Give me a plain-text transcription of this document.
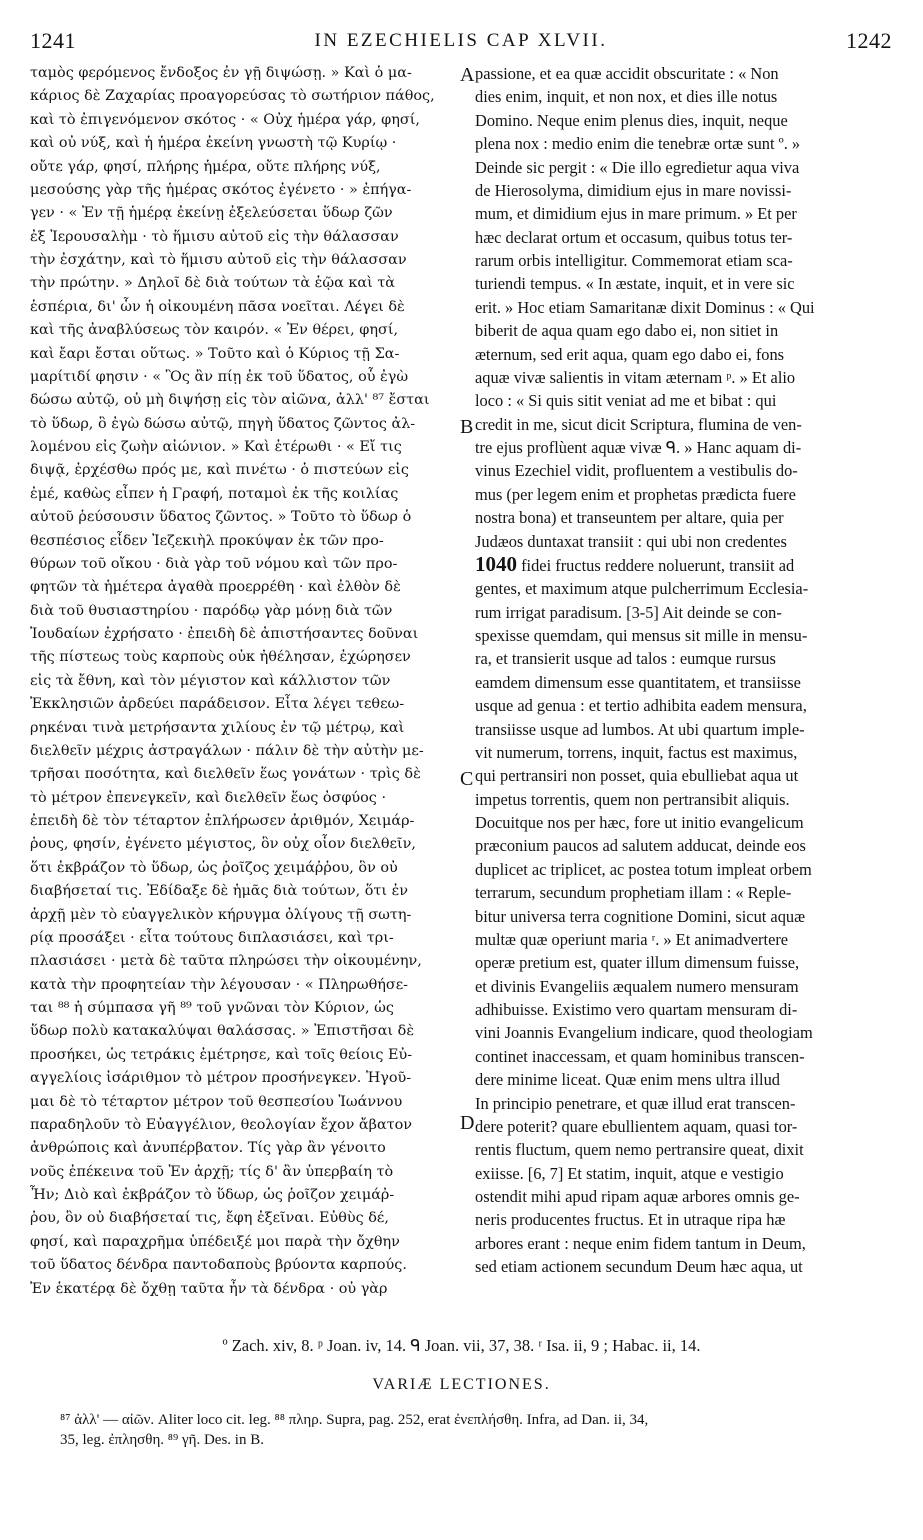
1241	IN EZECHIELIS CAP XLVII.	1242
ταμὸς φερόμενος ἔνδοξος ἐν γῇ διψώσῃ. » Καὶ ὁ μα-
κάριος δὲ Ζαχαρίας προαγορεύσας τὸ σωτήριον πάθος,
καὶ τὸ ἐπιγενόμενον σκότος · « Οὐχ ἡμέρα γάρ, φησί,
καὶ οὐ νύξ, καὶ ἡ ἡμέρα ἐκείνη γνωστὴ τῷ Κυρίῳ ·
οὔτε γάρ, φησί, πλήρης ἡμέρα, οὔτε πλήρης νύξ,
μεσούσης γὰρ τῆς ἡμέρας σκότος ἐγένετο · » ἐπήγα-
γεν · « Ἐν τῇ ἡμέρᾳ ἐκείνῃ ἐξελεύσεται ὕδωρ ζῶν
ἐξ Ἰερουσαλὴμ · τὸ ἥμισυ αὐτοῦ εἰς τὴν θάλασσαν
τὴν ἐσχάτην, καὶ τὸ ἥμισυ αὐτοῦ εἰς τὴν θάλασσαν
τὴν πρώτην. » Δηλοῖ δὲ διὰ τούτων τὰ ἑῷα καὶ τὰ
ἑσπέρια, δι' ὧν ἡ οἰκουμένη πᾶσα νοεῖται. Λέγει δὲ
καὶ τῆς ἀναβλύσεως τὸν καιρόν. « Ἐν θέρει, φησί,
καὶ ἔαρι ἔσται οὕτως. » Τοῦτο καὶ ὁ Κύριος τῇ Σα-
μαρίτιδί φησιν · « Ὃς ἂν πίῃ ἐκ τοῦ ὕδατος, οὗ ἐγὼ
δώσω αὐτῷ, οὐ μὴ διψήσῃ εἰς τὸν αἰῶνα, ἀλλ' ⁸⁷ ἔσται
τὸ ὕδωρ, ὃ ἐγὼ δώσω αὐτῷ, πηγὴ ὕδατος ζῶντος ἀλ-
λομένου εἰς ζωὴν αἰώνιον. » Καὶ ἑτέρωθι · « Εἴ τις
διψᾷ, ἐρχέσθω πρός με, καὶ πινέτω · ὁ πιστεύων εἰς
ἐμέ, καθὼς εἶπεν ἡ Γραφή, ποταμοὶ ἐκ τῆς κοιλίας
αὐτοῦ ῥεύσουσιν ὕδατος ζῶντος. » Τοῦτο τὸ ὕδωρ ὁ
θεσπέσιος εἶδεν Ἰεζεκιὴλ προκύψαν ἐκ τῶν προ-
θύρων τοῦ οἴκου · διὰ γὰρ τοῦ νόμου καὶ τῶν προ-
φητῶν τὰ ἡμέτερα ἀγαθὰ προερρέθη · καὶ ἐλθὸν δὲ
διὰ τοῦ θυσιαστηρίου · παρόδῳ γὰρ μόνῃ διὰ τῶν
Ἰουδαίων ἐχρήσατο · ἐπειδὴ δὲ ἀπιστήσαντες δοῦναι
τῆς πίστεως τοὺς καρποὺς οὐκ ἠθέλησαν, ἐχώρησεν
εἰς τὰ ἔθνη, καὶ τὸν μέγιστον καὶ κάλλιστον τῶν
Ἐκκλησιῶν ἀρδεύει παράδεισον. Εἶτα λέγει τεθεω-
ρηκέναι τινὰ μετρήσαντα χιλίους ἐν τῷ μέτρῳ, καὶ
διελθεῖν μέχρις ἀστραγάλων · πάλιν δὲ τὴν αὐτὴν με-
τρῆσαι ποσότητα, καὶ διελθεῖν ἕως γονάτων · τρὶς δὲ
τὸ μέτρον ἐπενεγκεῖν, καὶ διελθεῖν ἕως ὀσφύος ·
ἐπειδὴ δὲ τὸν τέταρτον ἐπλήρωσεν ἀριθμόν, Χειμάρ-
ῥους, φησίν, ἐγένετο μέγιστος, ὃν οὐχ οἷον διελθεῖν,
ὅτι ἐκβράζον τὸ ὕδωρ, ὡς ῥοῖζος χειμάῤῥου, ὃν οὐ
διαβήσεταί τις. Ἐδίδαξε δὲ ἡμᾶς διὰ τούτων, ὅτι ἐν
ἀρχῇ μὲν τὸ εὐαγγελικὸν κήρυγμα ὀλίγους τῇ σωτη-
ρίᾳ προσάξει · εἶτα τούτους διπλασιάσει, καὶ τρι-
πλασιάσει · μετὰ δὲ ταῦτα πληρώσει τὴν οἰκουμένην,
κατὰ τὴν προφητείαν τὴν λέγουσαν · « Πληρωθήσε-
ται ⁸⁸ ἡ σύμπασα γῆ ⁸⁹ τοῦ γνῶναι τὸν Κύριον, ὡς
ὕδωρ πολὺ κατακαλύψαι θαλάσσας. » Ἐπιστῆσαι δὲ
προσήκει, ὡς τετράκις ἐμέτρησε, καὶ τοῖς θείοις Εὐ-
αγγελίοις ἰσάριθμον τὸ μέτρον προσήνεγκεν. Ἡγοῦ-
μαι δὲ τὸ τέταρτον μέτρον τοῦ θεσπεσίου Ἰωάννου
παραδηλοῦν τὸ Εὐαγγέλιον, θεολογίαν ἔχον ἄβατον
ἀνθρώποις καὶ ἀνυπέρβατον. Τίς γὰρ ἂν γένοιτο
νοῦς ἐπέκεινα τοῦ Ἐν ἀρχῇ; τίς δ' ἂν ὑπερβαίη τὸ
Ἦν; Διὸ καὶ ἐκβράζον τὸ ὕδωρ, ὡς ῥοῖζον χειμάῤ-
ῥου, ὃν οὐ διαβήσεταί τις, ἔφη ἐξεῖναι. Εὐθὺς δέ,
φησί, καὶ παραχρῆμα ὑπέδειξέ μοι παρὰ τὴν ὄχθην
τοῦ ὕδατος δένδρα παντοδαποὺς βρύοντα καρπούς.
Ἐν ἑκατέρᾳ δὲ ὄχθῃ ταῦτα ἦν τὰ δένδρα · οὐ γὰρ
A
B
C
D
passione, et ea quæ accidit obscuritate : « Non
dies enim, inquit, et non nox, et dies ille notus
Domino. Neque enim plenus dies, inquit, neque
plena nox : medio enim die tenebræ ortæ sunt º. »
Deinde sic pergit : « Die illo egredietur aqua viva
de Hierosolyma, dimidium ejus in mare novissi-
mum, et dimidium ejus in mare primum. » Et per
hæc declarat ortum et occasum, quibus totus ter-
rarum orbis intelligitur. Commemorat etiam sca-
turiendi tempus. « In æstate, inquit, et in vere sic
erit. » Hoc etiam Samaritanæ dixit Dominus : « Qui
biberit de aqua quam ego dabo ei, non sitiet in
æternum, sed erit aqua, quam ego dabo ei, fons
aquæ vivæ salientis in vitam æternam ᵖ. » Et alio
loco : « Si quis sitit veniat ad me et bibat : qui
credit in me, sicut dicit Scriptura, flumina de ven-
tre ejus proflùent aquæ vivæ ᑫ. » Hanc aquam di-
vinus Ezechiel vidit, profluentem a vestibulis do-
mus (per legem enim et prophetas prædicta fuere
nostra bona) et transeuntem per altare, quia per
Judæos duntaxat transiit : qui ubi non credentes
1040 fidei fructus reddere noluerunt, transiit ad
gentes, et maximum atque pulcherrimum Ecclesia-
rum irrigat paradisum. [3-5] Ait deinde se con-
spexisse quemdam, qui mensus sit mille in mensu-
ra, et transierit usque ad talos : eumque rursus
eamdem dimensum esse quantitatem, et transiisse
usque ad genua : et tertio adhibita eadem mensura,
transiisse usque ad lumbos. At ubi quartum imple-
vit numerum, torrens, inquit, factus est maximus,
qui pertransiri non posset, quia ebulliebat aqua ut
impetus torrentis, quem non pertransibit aliquis.
Docuitque nos per hæc, fore ut initio evangelicum
præconium paucos ad salutem adducat, deinde eos
duplicet ac triplicet, ac postea totum impleat orbem
terrarum, secundum prophetiam illam : « Reple-
bitur universa terra cognitione Domini, sicut aquæ
multæ quæ operiunt maria ʳ. » Et animadvertere
operæ pretium est, quater illum dimensum fuisse,
et divinis Evangeliis æqualem numero mensuram
adhibuisse. Existimo vero quartam mensuram di-
vini Joannis Evangelium indicare, quod theologiam
continet inaccessam, et quam hominibus transcen-
dere minime liceat. Quæ enim mens ultra illud
In principio penetrare, et quæ illud erat transcen-
dere poterit? quare ebullientem aquam, quasi tor-
rentis fluctum, quem nemo pertransire queat, dixit
exiisse. [6, 7] Et statim, inquit, atque e vestigio
ostendit mihi apud ripam aquæ arbores omnis ge-
neris producentes fructus. Et in utraque ripa hæ
arbores erant : neque enim fidem tantum in Deum,
sed etiam actionem secundum Deum hæc aqua, ut
º Zach. xiv, 8. ᵖ Joan. iv, 14. ᑫ Joan. vii, 37, 38. ʳ Isa. ii, 9 ; Habac. ii, 14.
VARIÆ LECTIONES.
⁸⁷ ἀλλ' — αἰῶν. Aliter loco cit. leg. ⁸⁸ πληρ. Supra, pag. 252, erat ἐνεπλήσθη. Infra, ad Dan. ii, 34,
35, leg. ἐπλησθη. ⁸⁹ γῆ. Des. in B.
